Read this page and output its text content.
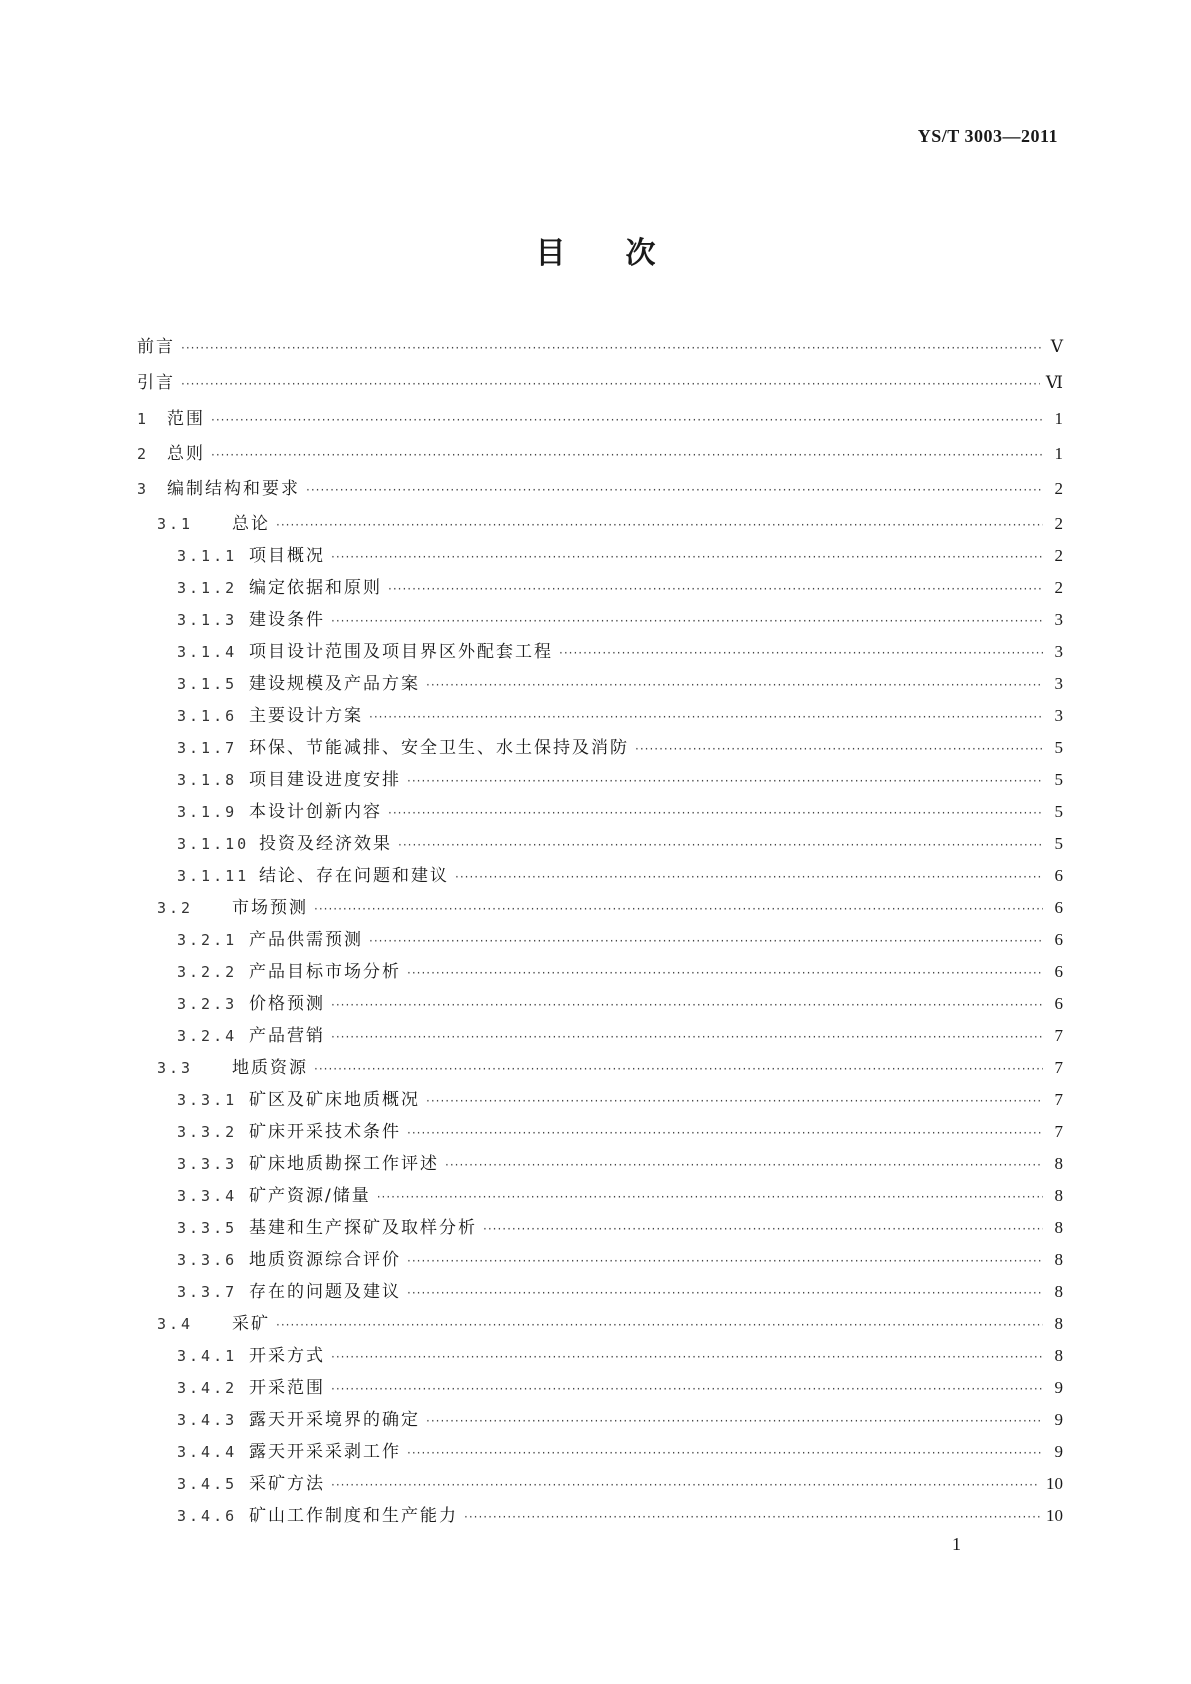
YS/T 3003—2011
目次
前言 ·····	Ⅴ
引言 ·····	Ⅵ
1	范围 ·····	1
2	总则 ·····	1
3	编制结构和要求 ·····	2
3.1	总论 ·····	2
3.1.1 项目概况 ·····	2
3.1.2 编定依据和原则 ·····	2
3.1.3 建设条件 ·····	3
3.1.4 项目设计范围及项目界区外配套工程 ·····	3
3.1.5 建设规模及产品方案 ·····	3
3.1.6 主要设计方案 ·····	3
3.1.7 环保、节能减排、安全卫生、水土保持及消防 ·····	5
3.1.8 项目建设进度安排 ·····	5
3.1.9 本设计创新内容 ·····	5
3.1.10 投资及经济效果 ·····	5
3.1.11 结论、存在问题和建议 ·····	6
3.2	市场预测 ·····	6
3.2.1 产品供需预测 ·····	6
3.2.2 产品目标市场分析 ·····	6
3.2.3 价格预测 ·····	6
3.2.4 产品营销 ·····	7
3.3	地质资源 ·····	7
3.3.1 矿区及矿床地质概况 ·····	7
3.3.2 矿床开采技术条件 ·····	7
3.3.3 矿床地质勘探工作评述 ·····	8
3.3.4 矿产资源/储量 ·····	8
3.3.5 基建和生产探矿及取样分析 ·····	8
3.3.6 地质资源综合评价 ·····	8
3.3.7 存在的问题及建议 ·····	8
3.4	采矿 ·····	8
3.4.1 开采方式 ·····	8
3.4.2 开采范围 ·····	9
3.4.3 露天开采境界的确定 ·····	9
3.4.4 露天开采采剥工作 ·····	9
3.4.5 采矿方法 ·····	10
3.4.6 矿山工作制度和生产能力 ·····	10
1
